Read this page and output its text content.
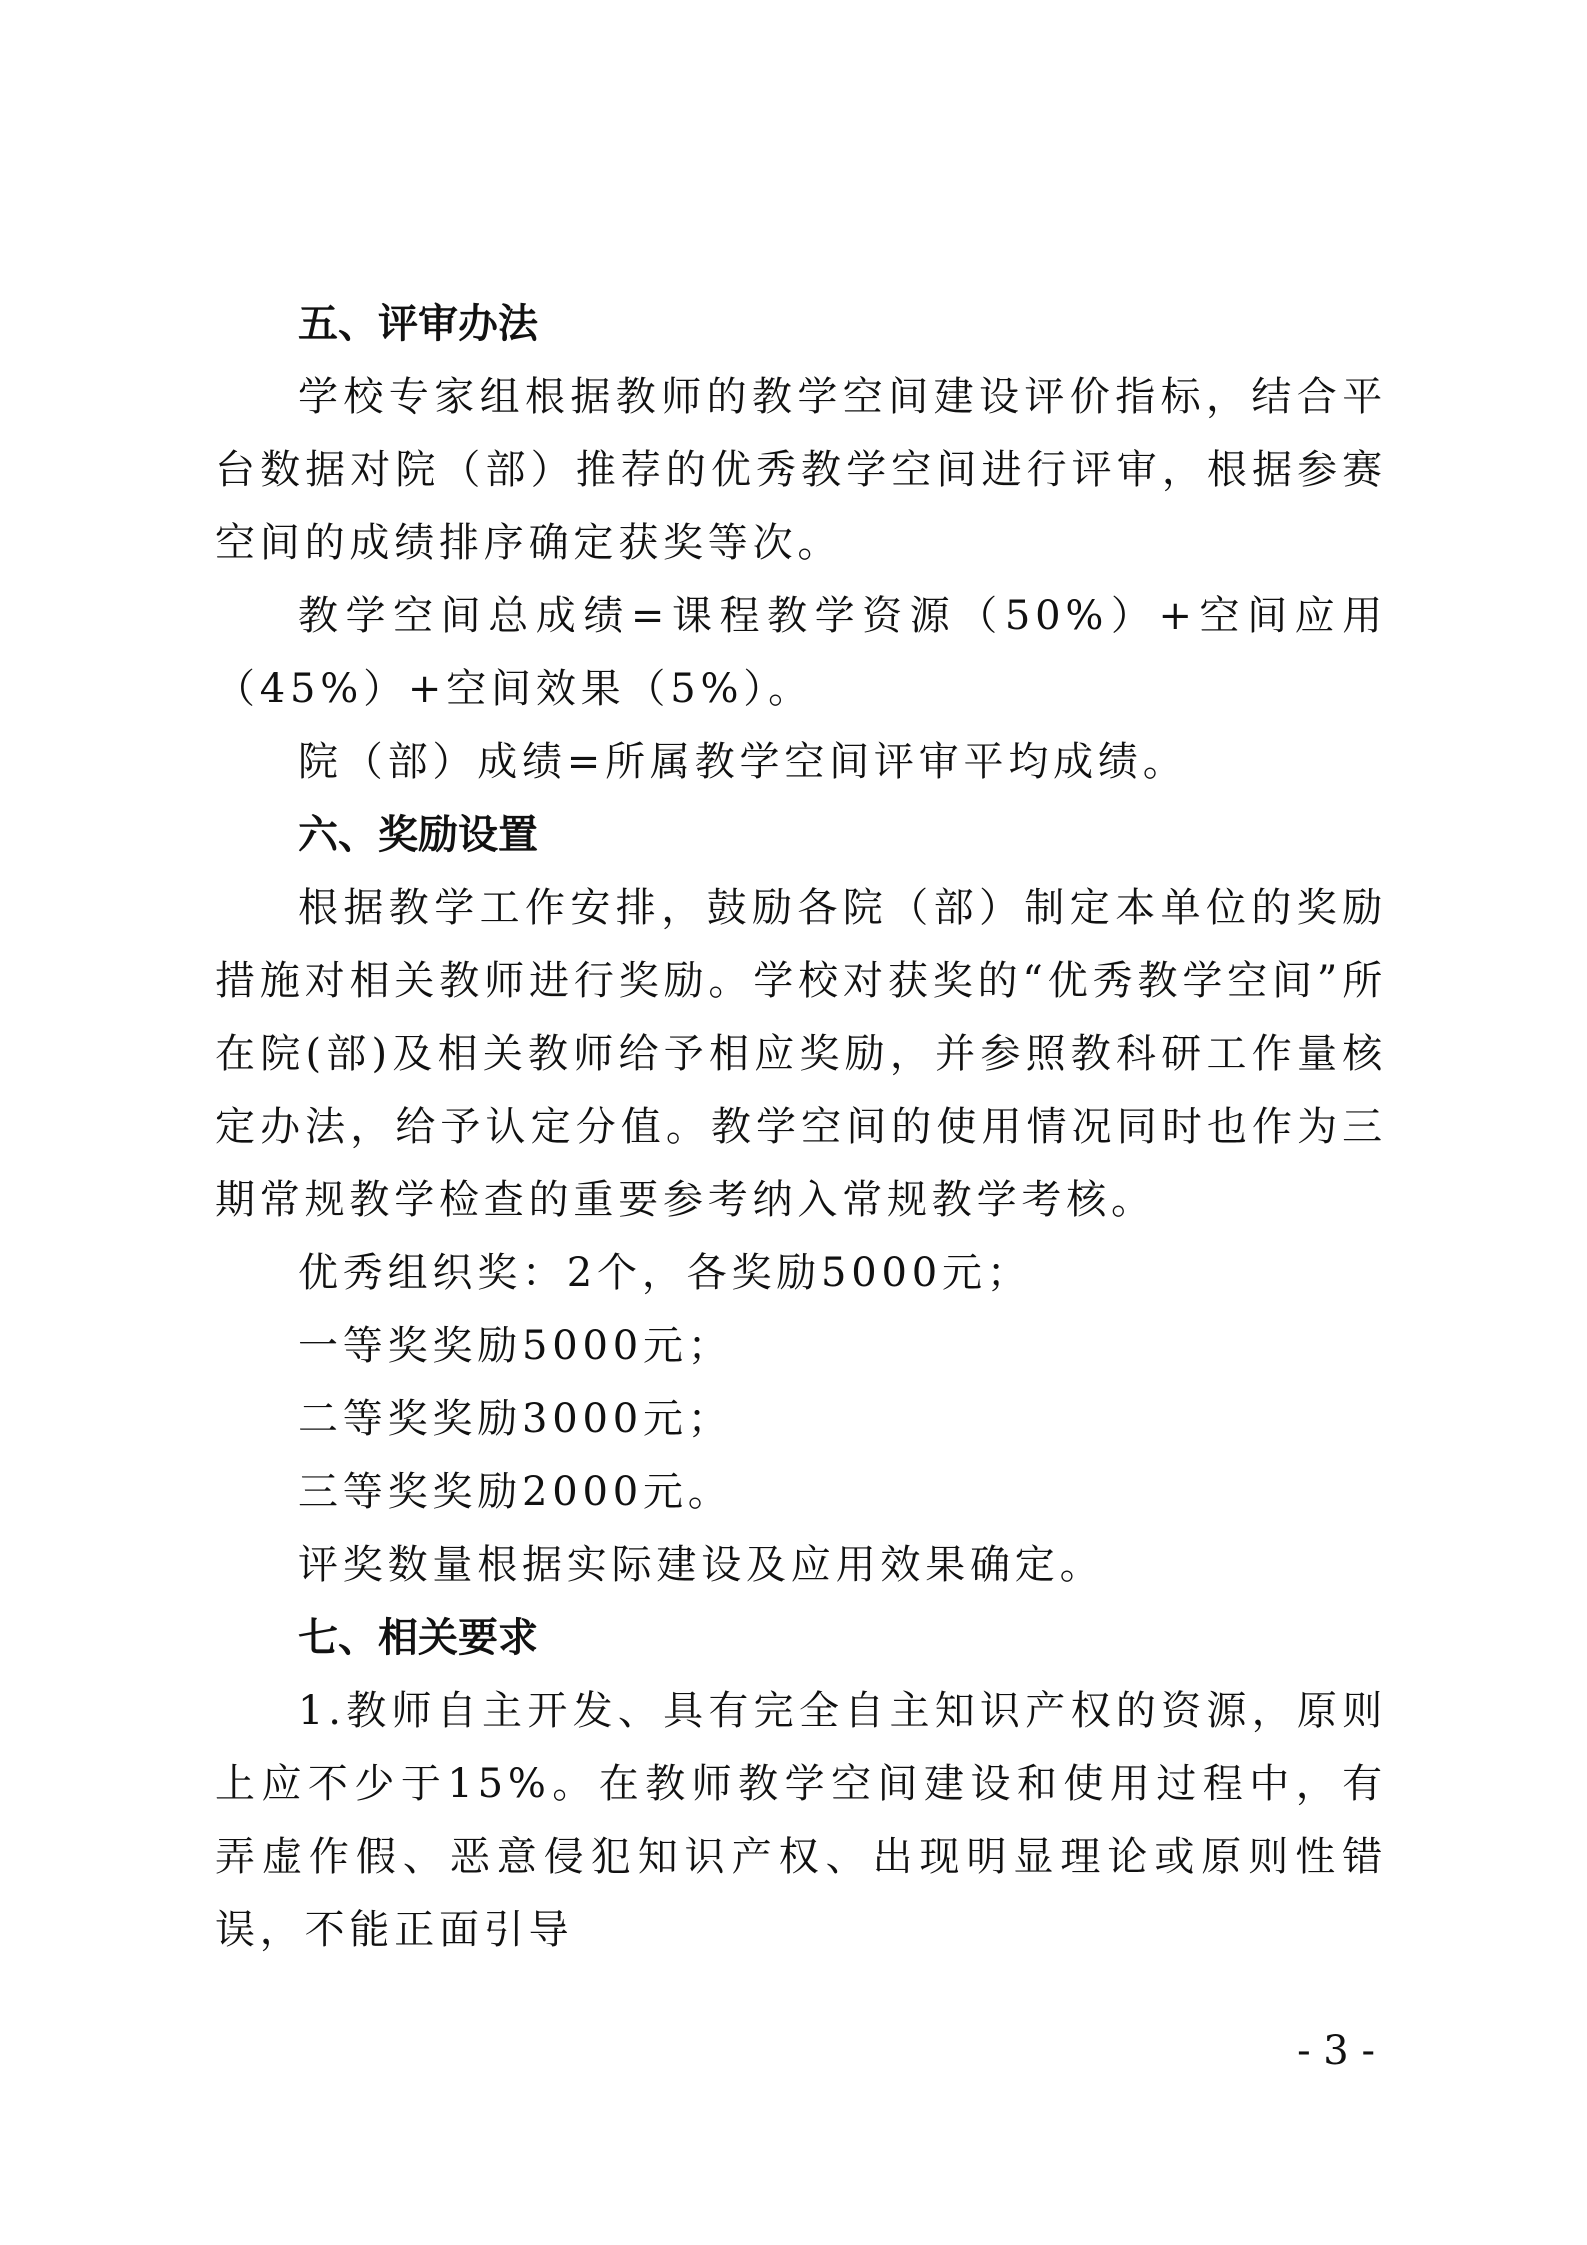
五、评审办法

学校专家组根据教师的教学空间建设评价指标，结合平台数据对院（部）推荐的优秀教学空间进行评审，根据参赛空间的成绩排序确定获奖等次。

教学空间总成绩=课程教学资源（50%）+空间应用（45%）+空间效果（5%）。

院（部）成绩=所属教学空间评审平均成绩。

六、奖励设置

根据教学工作安排，鼓励各院（部）制定本单位的奖励措施对相关教师进行奖励。学校对获奖的“优秀教学空间”所在院(部)及相关教师给予相应奖励，并参照教科研工作量核定办法，给予认定分值。教学空间的使用情况同时也作为三期常规教学检查的重要参考纳入常规教学考核。

优秀组织奖：2个，各奖励5000元；

一等奖奖励5000元；

二等奖奖励3000元；

三等奖奖励2000元。

评奖数量根据实际建设及应用效果确定。

七、相关要求

1.教师自主开发、具有完全自主知识产权的资源，原则上应不少于15%。在教师教学空间建设和使用过程中，有弄虚作假、恶意侵犯知识产权、出现明显理论或原则性错误，不能正面引导

- 3 -
